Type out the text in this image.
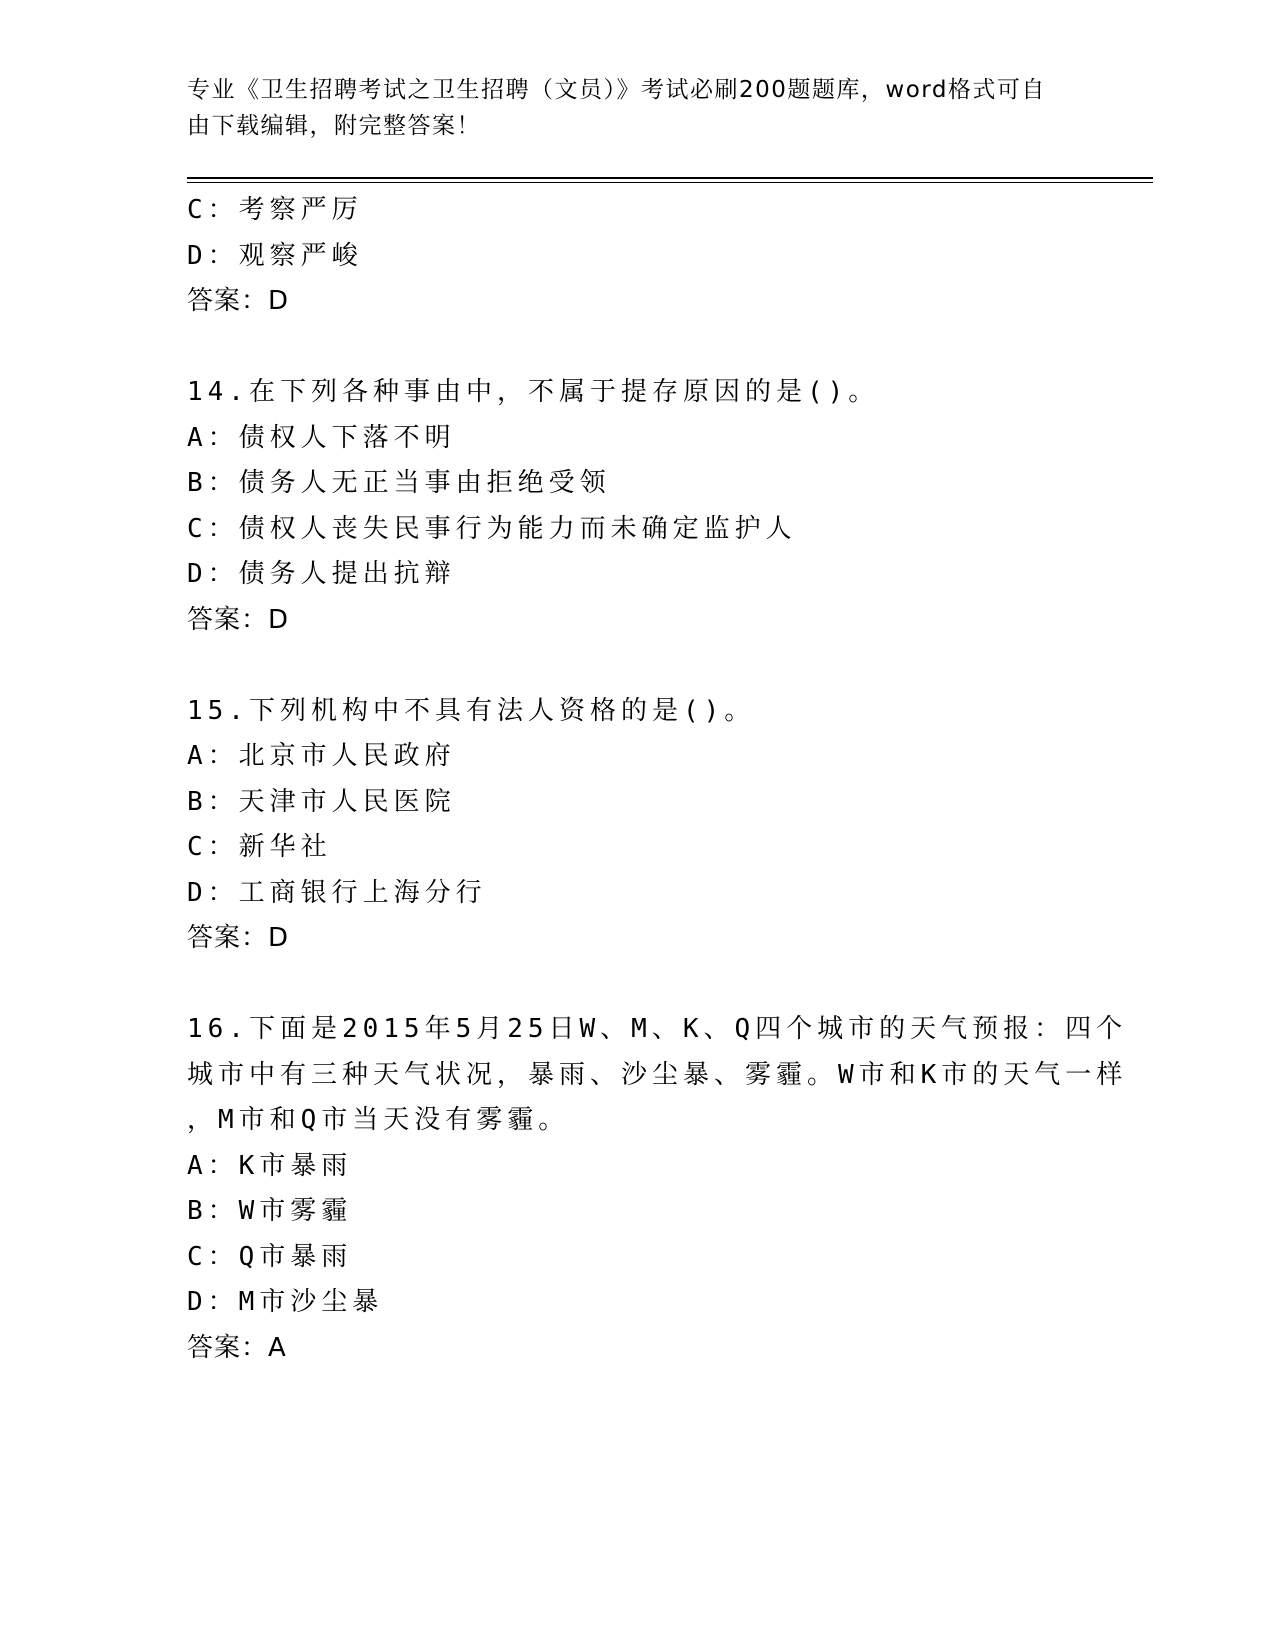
专业《卫生招聘考试之卫生招聘（文员）》考试必刷200题题库，word格式可自
由下载编辑，附完整答案！
C：考察严厉
D：观察严峻
答案：D
14.在下列各种事由中，不属于提存原因的是()。
A：债权人下落不明
B：债务人无正当事由拒绝受领
C：债权人丧失民事行为能力而未确定监护人
D：债务人提出抗辩
答案：D
15.下列机构中不具有法人资格的是()。
A：北京市人民政府
B：天津市人民医院
C：新华社
D：工商银行上海分行
答案：D
16.下面是2015年5月25日W、M、K、Q四个城市的天气预报：四个
城市中有三种天气状况，暴雨、沙尘暴、雾霾。W市和K市的天气一样
，M市和Q市当天没有雾霾。
A：K市暴雨
B：W市雾霾
C：Q市暴雨
D：M市沙尘暴
答案：A
